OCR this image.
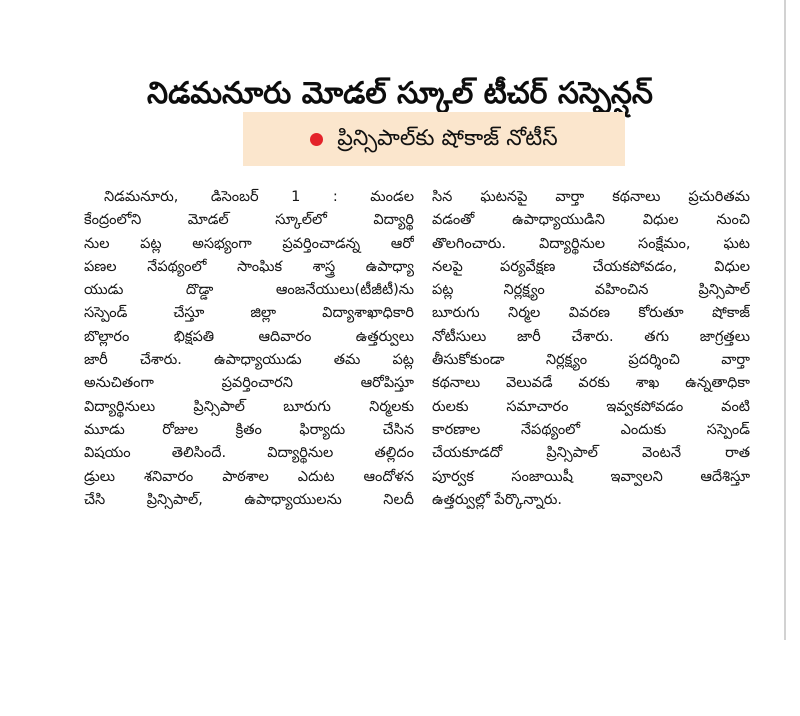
నిడమనూరు మోడల్ స్కూల్ టీచర్ సస్పెన్షన్
ప్రిన్సిపాల్‌కు షోకాజ్ నోటీస్
నిడమనూరు, డిసెంబర్ 1 : మండల
కేంద్రంలోని మోడల్ స్కూల్‌లో విద్యార్థి
నుల పట్ల అసభ్యంగా ప్రవర్తించాడన్న ఆరో
పణల నేపథ్యంలో సాంఘిక శాస్త్ర ఉపాధ్యా
యుడు దొడ్డా ఆంజనేయులు(టీజీటీ)ను
సస్పెండ్ చేస్తూ జిల్లా విద్యాశాఖాధికారి
బొల్లారం భిక్షపతి ఆదివారం ఉత్తర్వులు
జారీ చేశారు. ఉపాధ్యాయుడు తమ పట్ల
అనుచితంగా ప్రవర్తించారని ఆరోపిస్తూ
విద్యార్థినులు ప్రిన్సిపాల్ బూరుగు నిర్మలకు
మూడు రోజుల క్రితం ఫిర్యాదు చేసిన
విషయం తెలిసిందే. విద్యార్థినుల తల్లిదం
డ్రులు శనివారం పాఠశాల ఎదుట ఆందోళన
చేసి ప్రిన్సిపాల్, ఉపాధ్యాయులను నిలదీ
సిన ఘటనపై వార్తా కథనాలు ప్రచురితమ
వడంతో ఉపాధ్యాయుడిని విధుల నుంచి
తొలగించారు. విద్యార్థినుల సంక్షేమం, ఘట
నలపై పర్యవేక్షణ చేయకపోవడం, విధుల
పట్ల నిర్లక్ష్యం వహించిన ప్రిన్సిపాల్
బూరుగు నిర్మల వివరణ కోరుతూ షోకాజ్
నోటీసులు జారీ చేశారు. తగు జాగ్రత్తలు
తీసుకోకుండా నిర్లక్ష్యం ప్రదర్శించి వార్తా
కథనాలు వెలువడే వరకు శాఖ ఉన్నతాధికా
రులకు సమాచారం ఇవ్వకపోవడం వంటి
కారణాల నేపథ్యంలో ఎందుకు సస్పెండ్
చేయకూడదో ప్రిన్సిపాల్ వెంటనే రాత
పూర్వక సంజాయిషీ ఇవ్వాలని ఆదేశిస్తూ
ఉత్తర్వుల్లో పేర్కొన్నారు.
